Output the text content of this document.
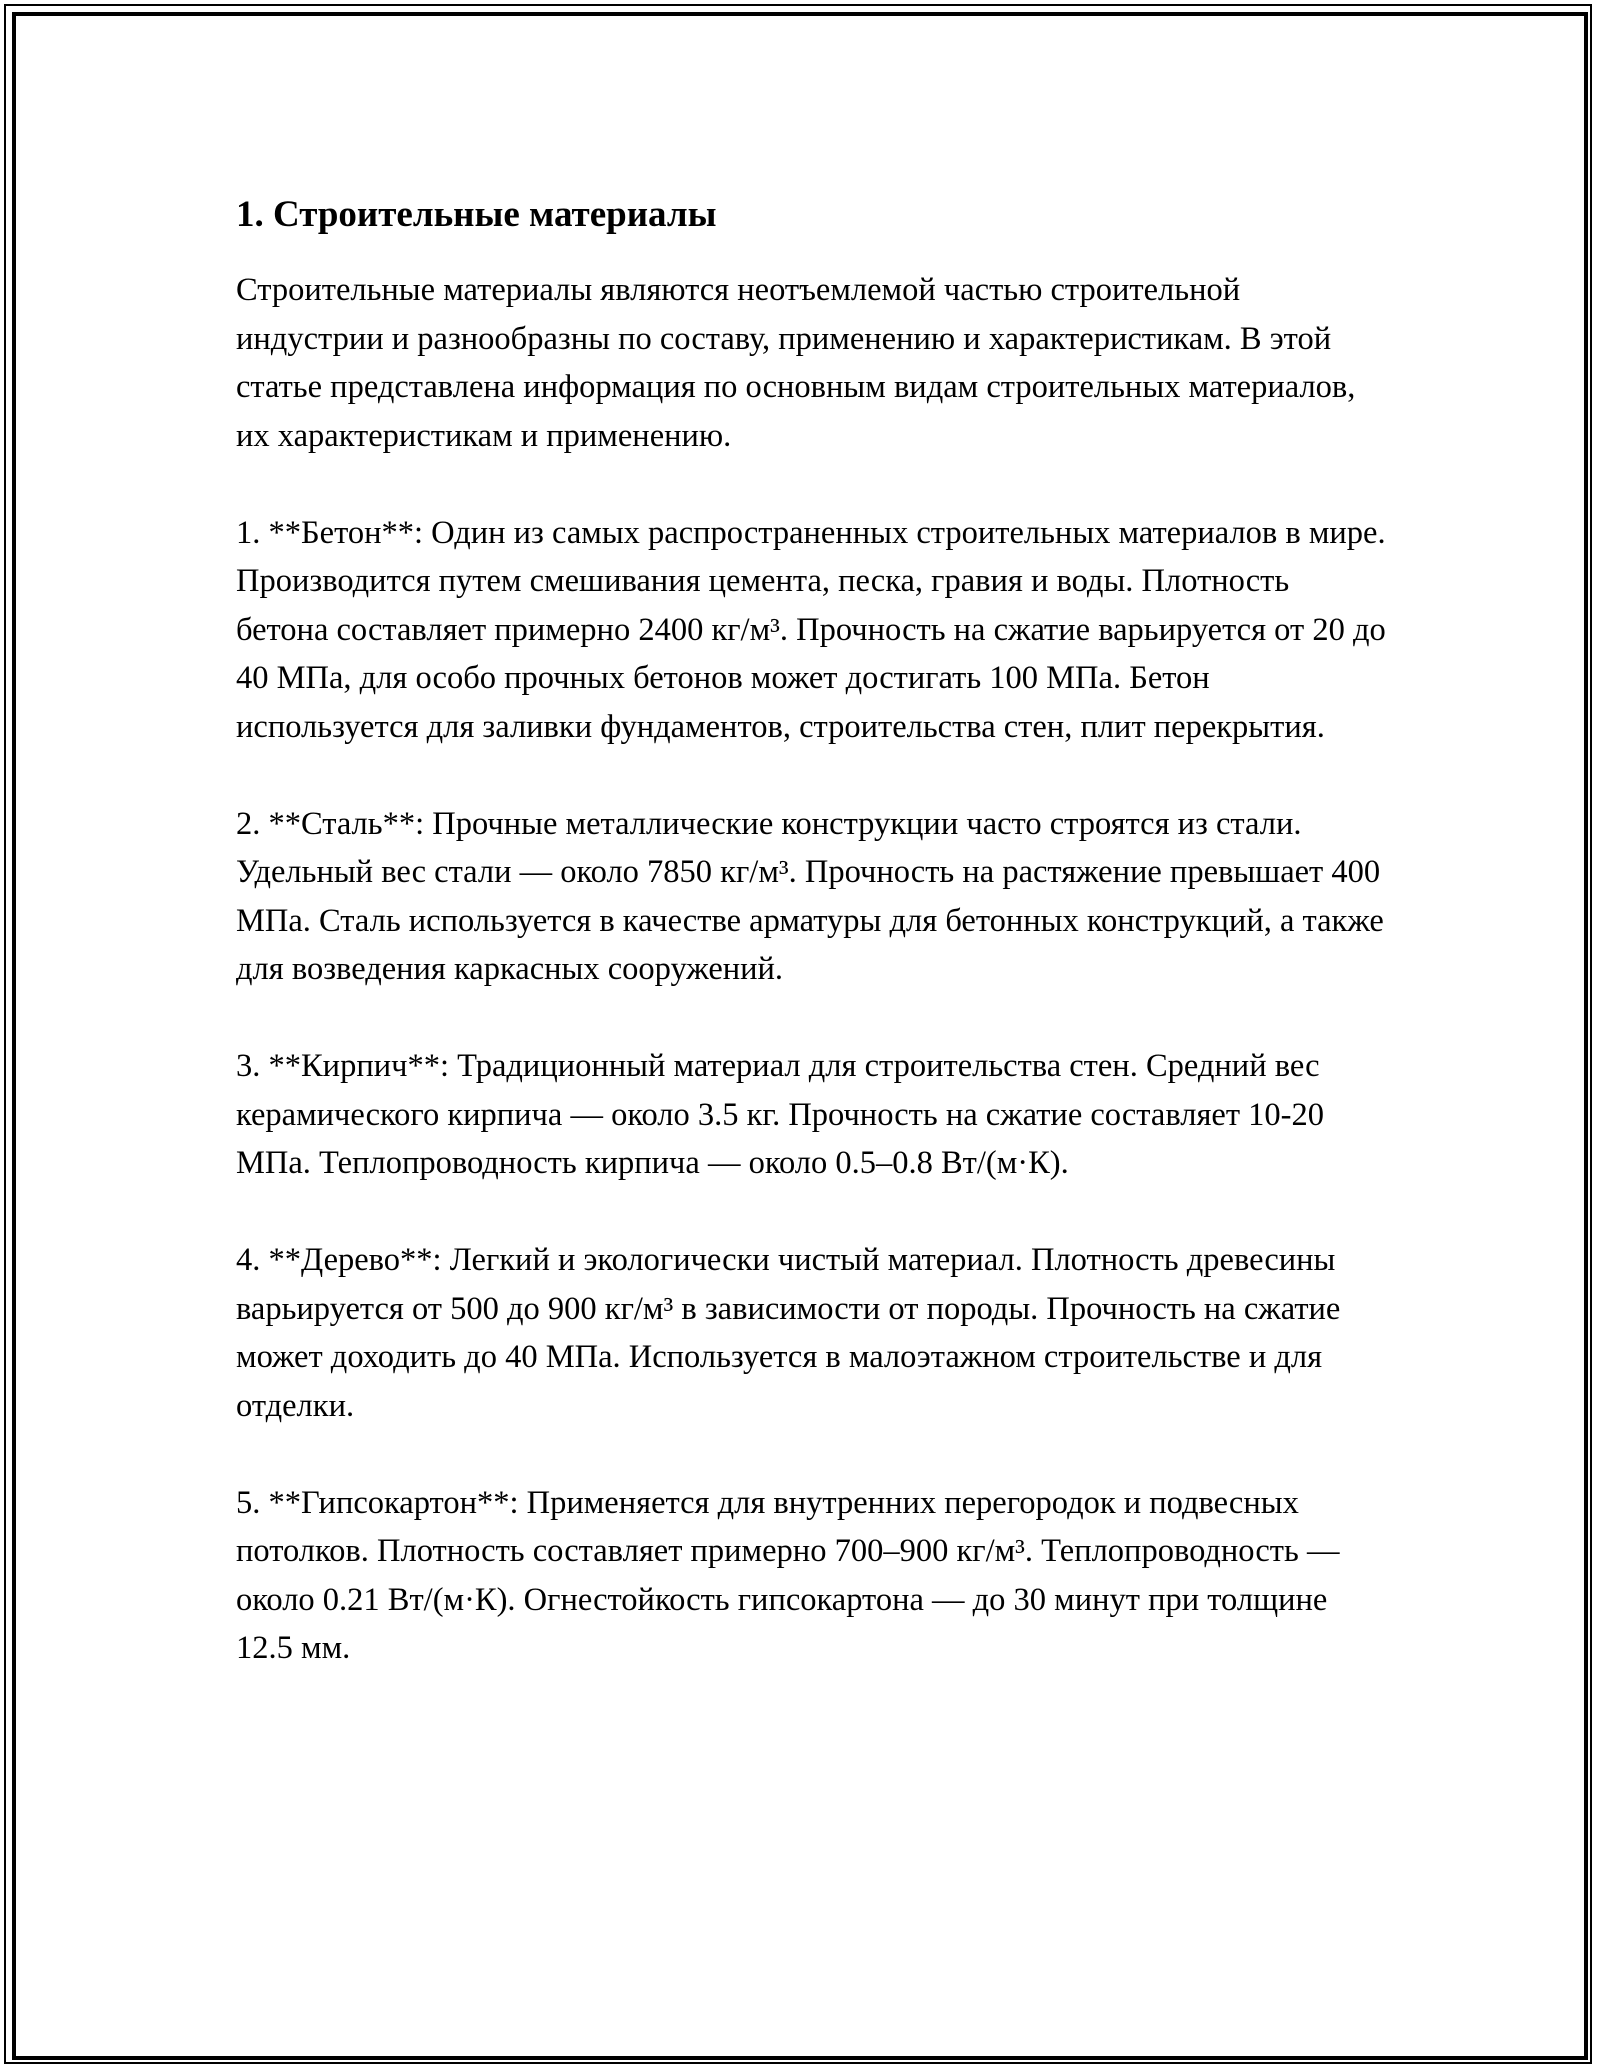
1. Строительные материалы

Строительные материалы являются неотъемлемой частью строительной индустрии и разнообразны по составу, применению и характеристикам. В этой статье представлена информация по основным видам строительных материалов, их характеристикам и применению.

1. **Бетон**: Один из самых распространенных строительных материалов в мире. Производится путем смешивания цемента, песка, гравия и воды. Плотность бетона составляет примерно 2400 кг/м³. Прочность на сжатие варьируется от 20 до 40 МПа, для особо прочных бетонов может достигать 100 МПа. Бетон используется для заливки фундаментов, строительства стен, плит перекрытия.

2. **Сталь**: Прочные металлические конструкции часто строятся из стали. Удельный вес стали — около 7850 кг/м³. Прочность на растяжение превышает 400 МПа. Сталь используется в качестве арматуры для бетонных конструкций, а также для возведения каркасных сооружений.

3. **Кирпич**: Традиционный материал для строительства стен. Средний вес керамического кирпича — около 3.5 кг. Прочность на сжатие составляет 10-20 МПа. Теплопроводность кирпича — около 0.5–0.8 Вт/(м·К).

4. **Дерево**: Легкий и экологически чистый материал. Плотность древесины варьируется от 500 до 900 кг/м³ в зависимости от породы. Прочность на сжатие может доходить до 40 МПа. Используется в малоэтажном строительстве и для отделки.

5. **Гипсокартон**: Применяется для внутренних перегородок и подвесных потолков. Плотность составляет примерно 700–900 кг/м³. Теплопроводность — около 0.21 Вт/(м·К). Огнестойкость гипсокартона — до 30 минут при толщине 12.5 мм.
